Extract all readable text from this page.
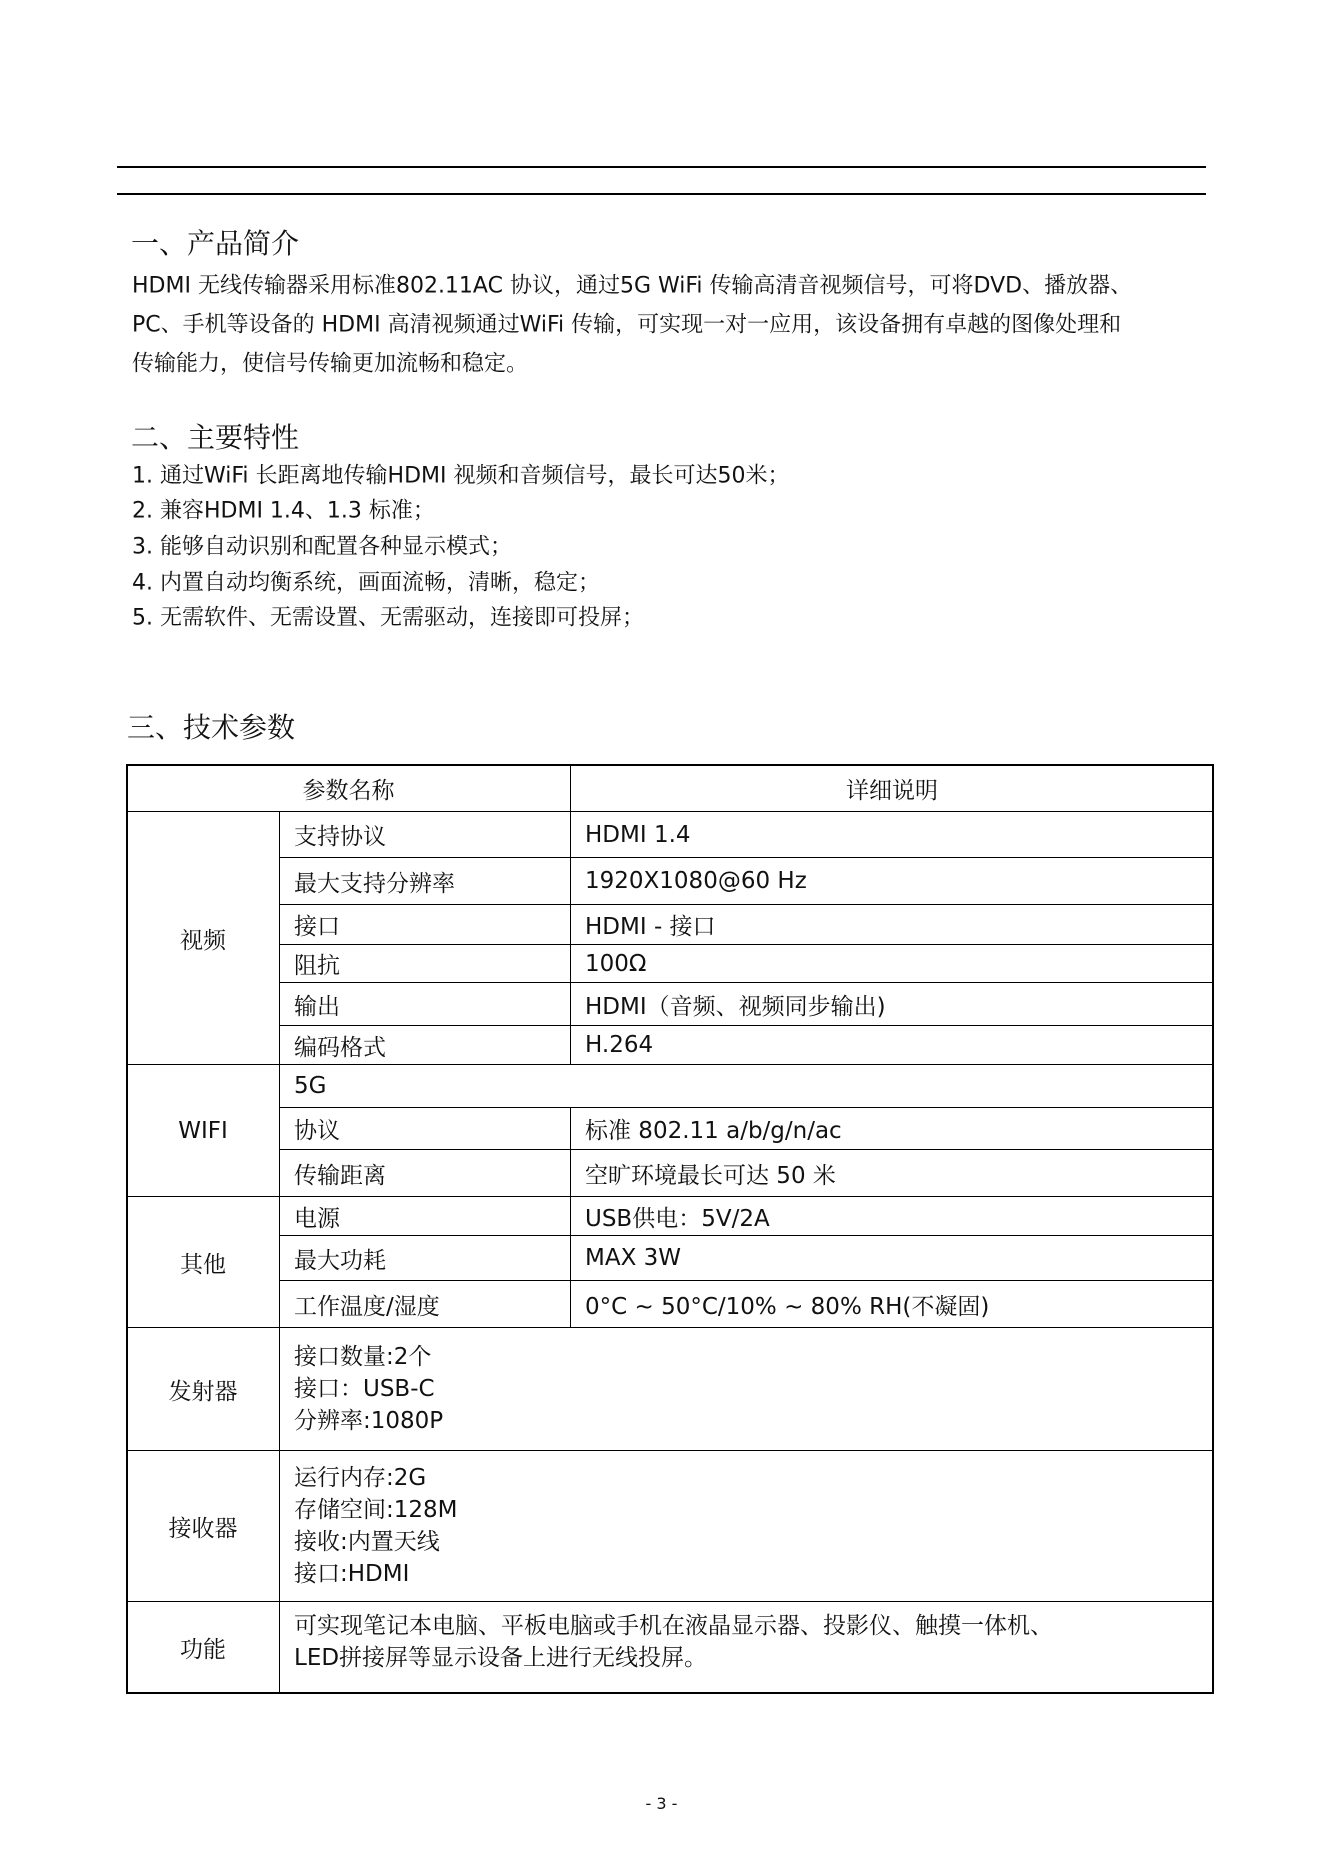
一、产品简介
HDMI 无线传输器采用标准802.11AC 协议，通过5G WiFi 传输高清音视频信号，可将DVD、播放器、
PC、手机等设备的 HDMI 高清视频通过WiFi 传输，可实现一对一应用，该设备拥有卓越的图像处理和
传输能力，使信号传输更加流畅和稳定。
二、主要特性
1. 通过WiFi 长距离地传输HDMI 视频和音频信号，最长可达50米；
2. 兼容HDMI 1.4、1.3 标准；
3. 能够自动识别和配置各种显示模式；
4. 内置自动均衡系统，画面流畅，清晰，稳定；
5. 无需软件、无需设置、无需驱动，连接即可投屏；
三、技术参数
参数名称	详细说明
视频
支持协议	HDMI 1.4
最大支持分辨率	1920X1080@60 Hz
接口	HDMI - 接口
阻抗	100Ω
输出	HDMI（音频、视频同步输出)
编码格式	H.264
WIFI
5G
协议	标准 802.11 a/b/g/n/ac
传输距离	空旷环境最长可达 50 米
其他
电源	USB供电：5V/2A
最大功耗	MAX 3W
工作温度/湿度	0°C ~ 50°C/10% ~ 80% RH(不凝固)
发射器
接口数量:2个
接口：USB-C
分辨率:1080P
接收器
运行内存:2G
存储空间:128M
接收:内置天线
接口:HDMI
功能
可实现笔记本电脑、平板电脑或手机在液晶显示器、投影仪、触摸一体机、
LED拼接屏等显示设备上进行无线投屏。
- 3 -
